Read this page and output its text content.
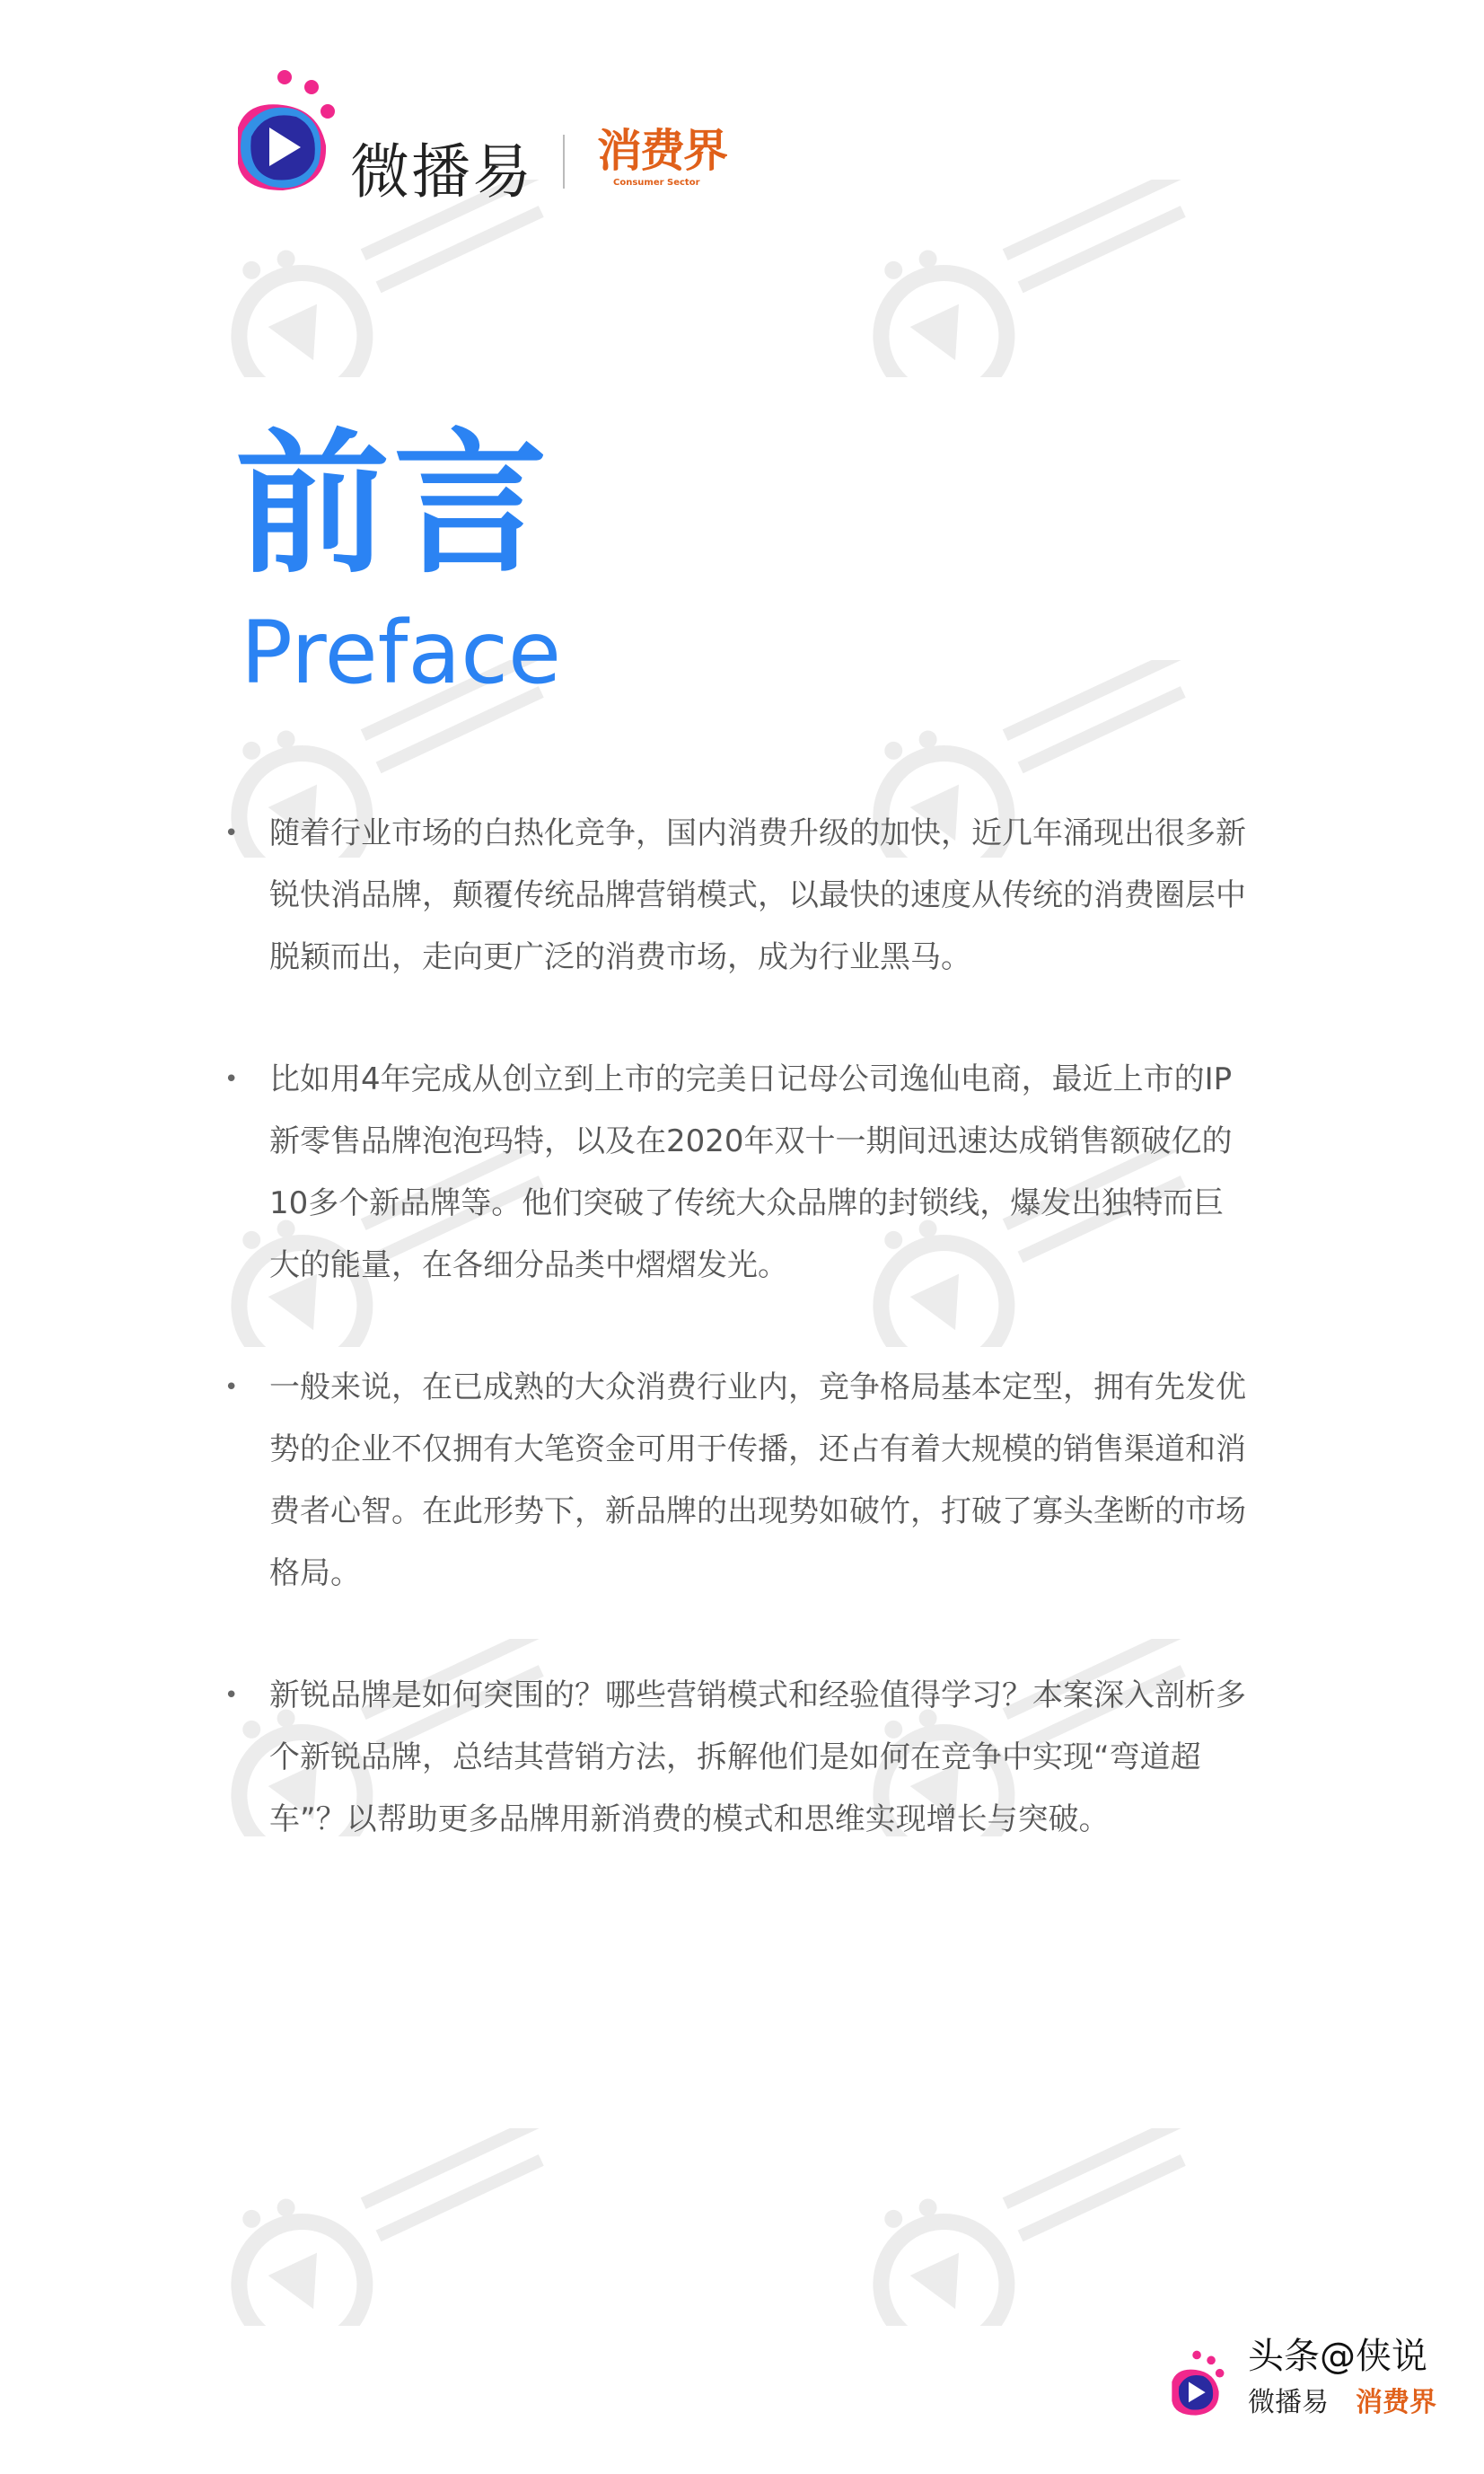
微播易 消费界
Consumer Sector
前言
Preface
• 随着行业市场的白热化竞争，国内消费升级的加快，近几年涌现出很多新
锐快消品牌，颠覆传统品牌营销模式，以最快的速度从传统的消费圈层中
脱颖而出，走向更广泛的消费市场，成为行业黑马。
• 比如用4年完成从创立到上市的完美日记母公司逸仙电商，最近上市的IP
新零售品牌泡泡玛特，以及在2020年双十一期间迅速达成销售额破亿的
10多个新品牌等。他们突破了传统大众品牌的封锁线，爆发出独特而巨
大的能量，在各细分品类中熠熠发光。
• 一般来说，在已成熟的大众消费行业内，竞争格局基本定型，拥有先发优
势的企业不仅拥有大笔资金可用于传播，还占有着大规模的销售渠道和消
费者心智。在此形势下，新品牌的出现势如破竹，打破了寡头垄断的市场
格局。
• 新锐品牌是如何突围的？哪些营销模式和经验值得学习？本案深入剖析多
个新锐品牌，总结其营销方法，拆解他们是如何在竞争中实现“弯道超
车”？以帮助更多品牌用新消费的模式和思维实现增长与突破。
头条@侠说
微播易 消费界
